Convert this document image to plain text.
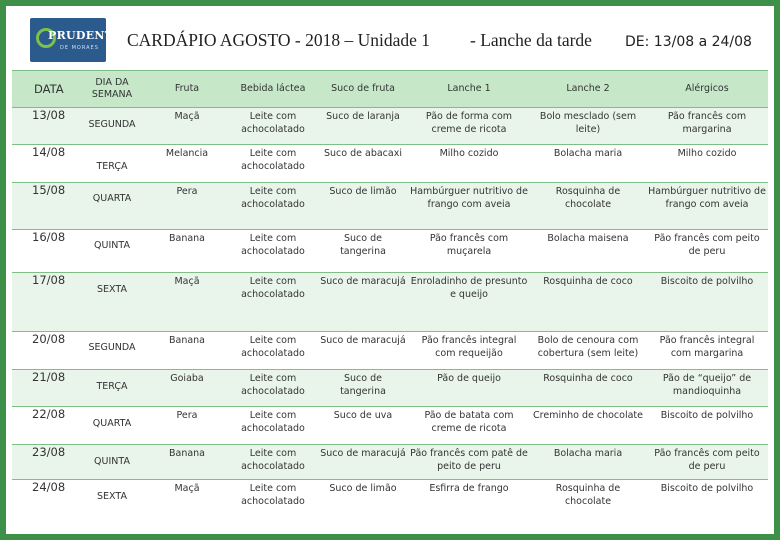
PRUDENTE
DE MORAES CARDÁPIO AGOSTO - 2018 – Unidade 1 - Lanche da tarde DE: 13/08 a 24/08
DATA	DIA DA SEMANA	Fruta	Bebida láctea	Suco de fruta	Lanche 1	Lanche 2	Alérgicos
13/08	SEGUNDA	Maçã	Leite com achocolatado	Suco de laranja	Pão de forma com creme de ricota	Bolo mesclado (sem leite)	Pão francês com margarina
14/08	TERÇA	Melancia	Leite com achocolatado	Suco de abacaxi	Milho cozido	Bolacha maria	Milho cozido
15/08	QUARTA	Pera	Leite com achocolatado	Suco de limão	Hambúrguer nutritivo de frango com aveia	Rosquinha de chocolate	Hambúrguer nutritivo de frango com aveia
16/08	QUINTA	Banana	Leite com achocolatado	Suco de tangerina	Pão francês com muçarela	Bolacha maisena	Pão francês com peito de peru
17/08	SEXTA	Maçã	Leite com achocolatado	Suco de maracujá	Enroladinho de presunto e queijo	Rosquinha de coco	Biscoito de polvilho
20/08	SEGUNDA	Banana	Leite com achocolatado	Suco de maracujá	Pão francês integral com requeijão	Bolo de cenoura com cobertura (sem leite)	Pão francês integral com margarina
21/08	TERÇA	Goiaba	Leite com achocolatado	Suco de tangerina	Pão de queijo	Rosquinha de coco	Pão de “queijo” de mandioquinha
22/08	QUARTA	Pera	Leite com achocolatado	Suco de uva	Pão de batata com creme de ricota	Creminho de chocolate	Biscoito de polvilho
23/08	QUINTA	Banana	Leite com achocolatado	Suco de maracujá	Pão francês com patê de peito de peru	Bolacha maria	Pão francês com peito de peru
24/08	SEXTA	Maçã	Leite com achocolatado	Suco de limão	Esfirra de frango	Rosquinha de chocolate	Biscoito de polvilho
